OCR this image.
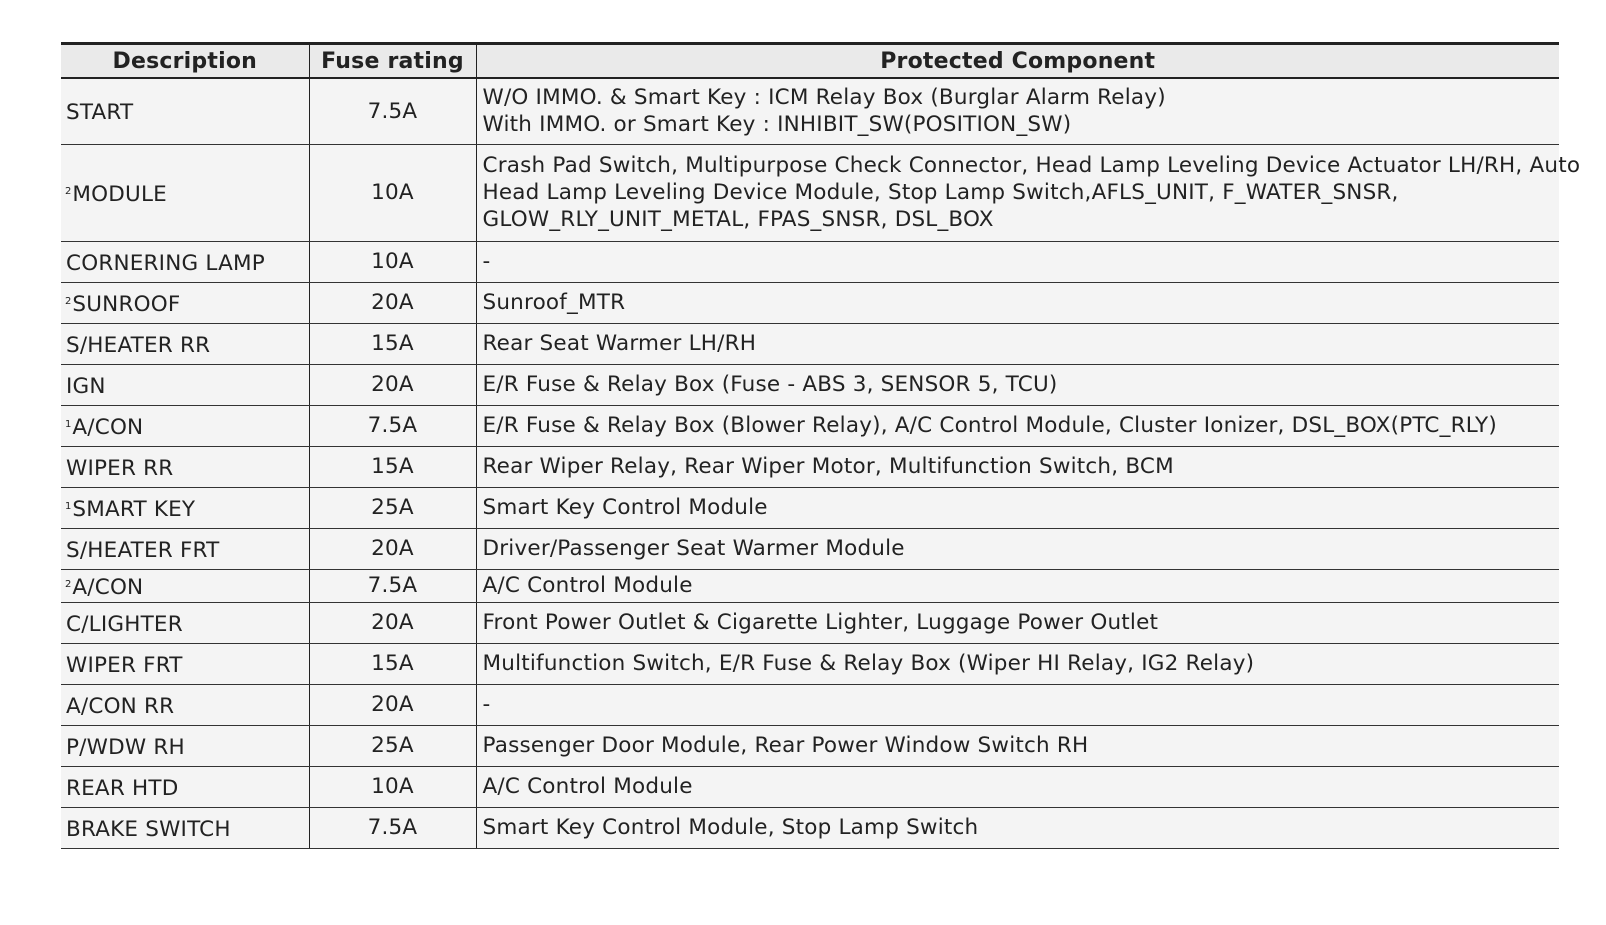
Description	Fuse rating	Protected Component
START	7.5A	W/O IMMO. & Smart Key : ICM Relay Box (Burglar Alarm Relay)
With IMMO. or Smart Key : INHIBIT_SW(POSITION_SW)

$^2$MODULE	10A	Crash Pad Switch, Multipurpose Check Connector, Head Lamp Leveling Device Actuator LH/RH, Auto
Head Lamp Leveling Device Module, Stop Lamp Switch,AFLS_UNIT, F_WATER_SNSR,
GLOW_RLY_UNIT_METAL, FPAS_SNSR, DSL_BOX

CORNERING LAMP	10A	-

$^2$SUNROOF	20A	Sunroof_MTR

S/HEATER RR	15A	Rear Seat Warmer LH/RH

IGN	20A	E/R Fuse & Relay Box (Fuse - ABS 3, SENSOR 5, TCU)

$^1$A/CON	7.5A	E/R Fuse & Relay Box (Blower Relay), A/C Control Module, Cluster Ionizer, DSL_BOX(PTC_RLY)

WIPER RR	15A	Rear Wiper Relay, Rear Wiper Motor, Multifunction Switch, BCM

$^1$SMART KEY	25A	Smart Key Control Module

S/HEATER FRT	20A	Driver/Passenger Seat Warmer Module

$^2$A/CON	7.5A	A/C Control Module

C/LIGHTER	20A	Front Power Outlet & Cigarette Lighter, Luggage Power Outlet

WIPER FRT	15A	Multifunction Switch, E/R Fuse & Relay Box (Wiper HI Relay, IG2 Relay)

A/CON RR	20A	-

P/WDW RH	25A	Passenger Door Module, Rear Power Window Switch RH

REAR HTD	10A	A/C Control Module

BRAKE SWITCH	7.5A	Smart Key Control Module, Stop Lamp Switch
